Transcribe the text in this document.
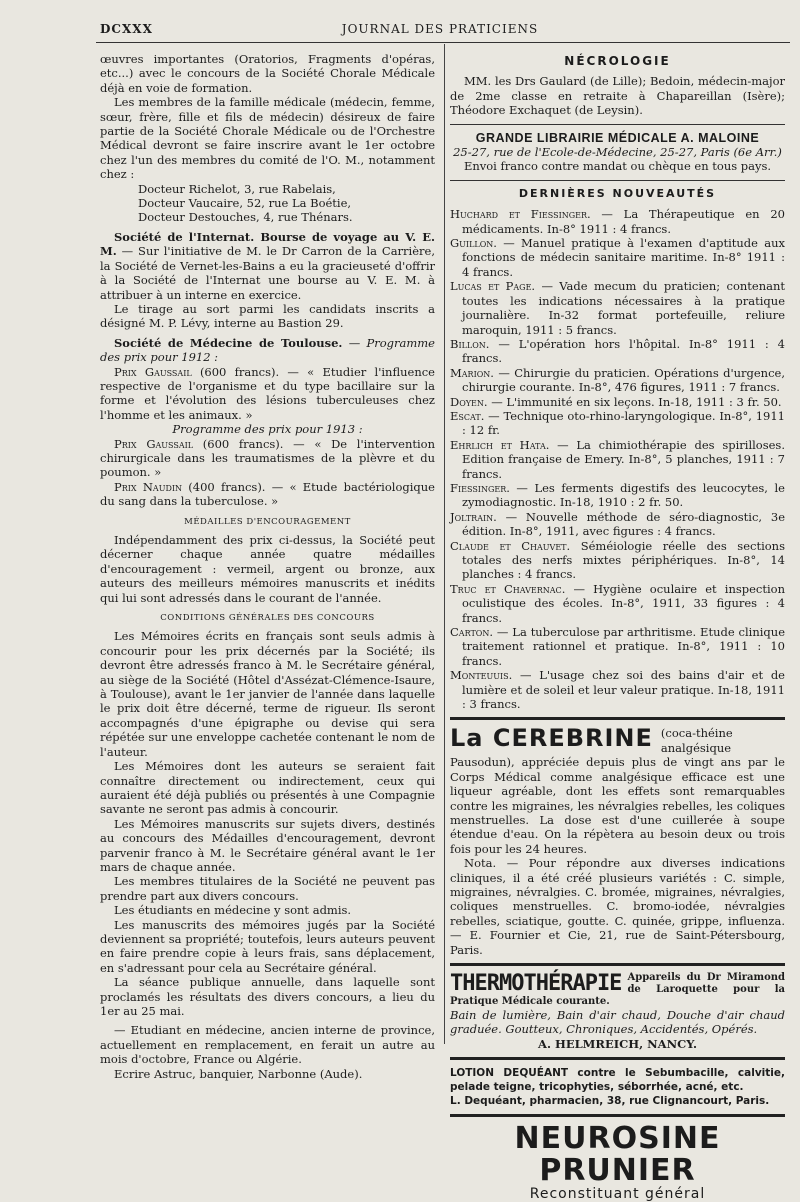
DCXXX	JOURNAL DES PRATICIENS

œuvres importantes (Oratorios, Fragments d'opéras, etc...) avec le concours de la Société Chorale Médicale déjà en voie de formation.

Les membres de la famille médicale (médecin, femme, sœur, frère, fille et fils de médecin) désireux de faire partie de la Société Chorale Médicale ou de l'Orchestre Médical devront se faire inscrire avant le 1er octobre chez l'un des membres du comité de l'O. M., notamment chez :

Docteur Richelot, 3, rue Rabelais,

Docteur Vaucaire, 52, rue La Boétie,

Docteur Destouches, 4, rue Thénars.

Société de l'Internat. Bourse de voyage au V. E. M. — Sur l'initiative de M. le Dr Carron de la Carrière, la Société de Vernet-les-Bains a eu la gracieuseté d'offrir à la Société de l'Internat une bourse au V. E. M. à attribuer à un interne en exercice.

Le tirage au sort parmi les candidats inscrits a désigné M. P. Lévy, interne au Bastion 29.

Société de Médecine de Toulouse. — Programme des prix pour 1912 :

Prix Gaussail (600 francs). — « Etudier l'influence respective de l'organisme et du type bacillaire sur la forme et l'évolution des lésions tuberculeuses chez l'homme et les animaux. »

Programme des prix pour 1913 :

Prix Gaussail (600 francs). — « De l'intervention chirurgicale dans les traumatismes de la plèvre et du poumon. »

Prix Naudin (400 francs). — « Etude bactériologique du sang dans la tuberculose. »

MÉDAILLES D'ENCOURAGEMENT

Indépendamment des prix ci-dessus, la Société peut décerner chaque année quatre médailles d'encouragement : vermeil, argent ou bronze, aux auteurs des meilleurs mémoires manuscrits et inédits qui lui sont adressés dans le courant de l'année.

CONDITIONS GÉNÉRALES DES CONCOURS

Les Mémoires écrits en français sont seuls admis à concourir pour les prix décernés par la Société; ils devront être adressés franco à M. le Secrétaire général, au siège de la Société (Hôtel d'Assézat-Clémence-Isaure, à Toulouse), avant le 1er janvier de l'année dans laquelle le prix doit être décerné, terme de rigueur. Ils seront accompagnés d'une épigraphe ou devise qui sera répétée sur une enveloppe cachetée contenant le nom de l'auteur.

Les Mémoires dont les auteurs se seraient fait connaître directement ou indirectement, ceux qui auraient été déjà publiés ou présentés à une Compagnie savante ne seront pas admis à concourir.

Les Mémoires manuscrits sur sujets divers, destinés au concours des Médailles d'encouragement, devront parvenir franco à M. le Secrétaire général avant le 1er mars de chaque année.

Les membres titulaires de la Société ne peuvent pas prendre part aux divers concours.

Les étudiants en médecine y sont admis.

Les manuscrits des mémoires jugés par la Société deviennent sa propriété; toutefois, leurs auteurs peuvent en faire prendre copie à leurs frais, sans déplacement, en s'adressant pour cela au Secrétaire général.

La séance publique annuelle, dans laquelle sont proclamés les résultats des divers concours, a lieu du 1er au 25 mai.

— Etudiant en médecine, ancien interne de province, actuellement en remplacement, en ferait un autre au mois d'octobre, France ou Algérie.

Ecrire Astruc, banquier, Narbonne (Aude).

NÉCROLOGIE

MM. les Drs Gaulard (de Lille); Bedoin, médecin-major de 2me classe en retraite à Chapareillan (Isère); Théodore Exchaquet (de Leysin).

GRANDE LIBRAIRIE MÉDICALE A. MALOINE

25-27, rue de l'Ecole-de-Médecine, 25-27, Paris (6e Arr.)

Envoi franco contre mandat ou chèque en tous pays.

DERNIÈRES NOUVEAUTÉS

Huchard et Fiessinger. — La Thérapeutique en 20 médicaments. In-8° 1911 : 4 francs.

Guillon. — Manuel pratique à l'examen d'aptitude aux fonctions de médecin sanitaire maritime. In-8° 1911 : 4 francs.

Lucas et Page. — Vade mecum du praticien; contenant toutes les indications nécessaires à la pratique journalière. In-32 format portefeuille, reliure maroquin, 1911 : 5 francs.

Billon. — L'opération hors l'hôpital. In-8° 1911 : 4 francs.

Marion. — Chirurgie du praticien. Opérations d'urgence, chirurgie courante. In-8°, 476 figures, 1911 : 7 francs.

Doyen. — L'immunité en six leçons. In-18, 1911 : 3 fr. 50.

Escat. — Technique oto-rhino-laryngologique. In-8°, 1911 : 12 fr.

Ehrlich et Hata. — La chimiothérapie des spirilloses. Edition française de Emery. In-8°, 5 planches, 1911 : 7 francs.

Fiessinger. — Les ferments digestifs des leucocytes, le zymodiagnostic. In-18, 1910 : 2 fr. 50.

Joltrain. — Nouvelle méthode de séro-diagnostic, 3e édition. In-8°, 1911, avec figures : 4 francs.

Claude et Chauvet. Séméiologie réelle des sections totales des nerfs mixtes périphériques. In-8°, 14 planches : 4 francs.

Truc et Chavernac. — Hygiène oculaire et inspection oculistique des écoles. In-8°, 1911, 33 figures : 4 francs.

Carton. — La tuberculose par arthritisme. Etude clinique traitement rationnel et pratique. In-8°, 1911 : 10 francs.

Monteuuis. — L'usage chez soi des bains d'air et de lumière et de soleil et leur valeur pratique. In-18, 1911 : 3 francs.

La CEREBRINE (coca-théine analgésique Pausodun), appréciée depuis plus de vingt ans par le Corps Médical comme analgésique efficace est une liqueur agréable, dont les effets sont remarquables contre les migraines, les névralgies rebelles, les coliques menstruelles. La dose est d'une cuillerée à soupe étendue d'eau. On la répètera au besoin deux ou trois fois pour les 24 heures.

Nota. — Pour répondre aux diverses indications cliniques, il a été créé plusieurs variétés : C. simple, migraines, névralgies. C. bromée, migraines, névralgies, coliques menstruelles. C. bromo-iodée, névralgies rebelles, sciatique, goutte. C. quinée, grippe, influenza. — E. Fournier et Cie, 21, rue de Saint-Pétersbourg, Paris.

THERMOTHÉRAPIE Appareils du Dr Miramond de Laroquette pour la Pratique Médicale courante.

Bain de lumière, Bain d'air chaud, Douche d'air chaud graduée. Goutteux, Chroniques, Accidentés, Opérés.

A. HELMREICH, NANCY.

LOTION DEQUÉANT contre le Sebumbacille, calvitie, pelade teigne, tricophyties, séborrhée, acné, etc.

L. Dequéant, pharmacien, 38, rue Clignancourt, Paris.

NEUROSINE PRUNIER
Reconstituant général
